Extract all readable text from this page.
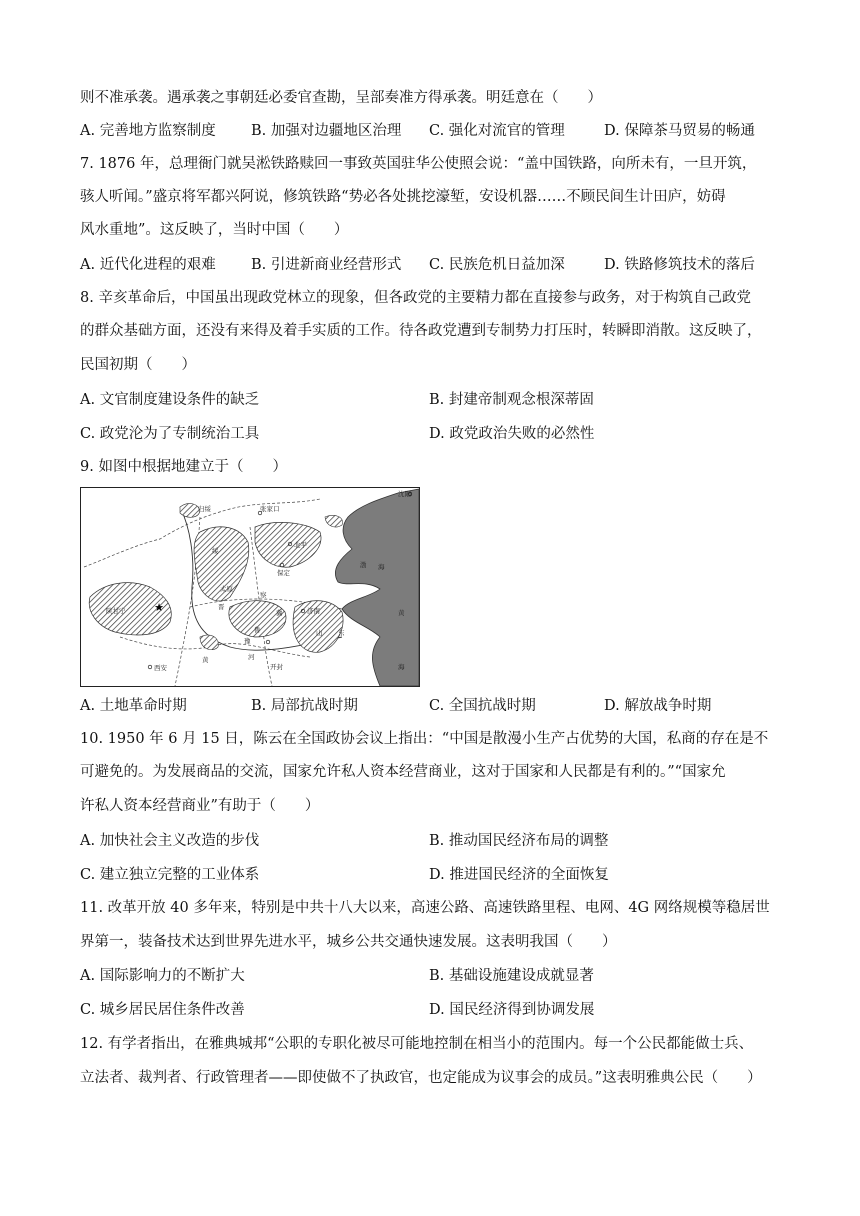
则不准承袭。遇承袭之事朝廷必委官查勘，呈部奏准方得承袭。明廷意在（　　）
A. 完善地方监察制度 B. 加强对边疆地区治理 C. 强化对流官的管理	D. 保障茶马贸易的畅通
7. 1876 年，总理衙门就吴淞铁路赎回一事致英国驻华公使照会说：“盖中国铁路，向所未有，一旦开筑，
骇人听闻。”盛京将军都兴阿说，修筑铁路“势必各处挑挖濠堑，安设机器……不顾民间生计田庐，妨碍
风水重地”。这反映了，当时中国（　　）
A. 近代化进程的艰难 B. 引进新商业经营形式 C. 民族危机日益加深	D. 铁路修筑技术的落后
8. 辛亥革命后，中国虽出现政党林立的现象，但各政党的主要精力都在直接参与政务，对于构筑自己政党
的群众基础方面，还没有来得及着手实质的工作。待各政党遭到专制势力打压时，转瞬即消散。这反映了，
民国初期（　　）
A. 文官制度建设条件的缺乏	B. 封建帝制观念根深蒂固
C. 政党沦为了专制统治工具	D. 政党政治失败的必然性
9. 如图中根据地建立于（　　）
★
沈阳
归绥	张家口
北平
渤 海
保定
太原
陕甘宁	济南
山 东
黄
海
河
黄
开封
西安
晋
冀
鲁
豫
察
绥
A. 土地革命时期	B. 局部抗战时期	C. 全国抗战时期	D. 解放战争时期
10. 1950 年 6 月 15 日，陈云在全国政协会议上指出：“中国是散漫小生产占优势的大国，私商的存在是不
可避免的。为发展商品的交流，国家允许私人资本经营商业，这对于国家和人民都是有利的。”“国家允
许私人资本经营商业”有助于（　　）
A. 加快社会主义改造的步伐	B. 推动国民经济布局的调整
C. 建立独立完整的工业体系	D. 推进国民经济的全面恢复
11. 改革开放 40 多年来，特别是中共十八大以来，高速公路、高速铁路里程、电网、4G 网络规模等稳居世
界第一，装备技术达到世界先进水平，城乡公共交通快速发展。这表明我国（　　）
A. 国际影响力的不断扩大	B. 基础设施建设成就显著
C. 城乡居民居住条件改善	D. 国民经济得到协调发展
12. 有学者指出，在雅典城邦“公职的专职化被尽可能地控制在相当小的范围内。每一个公民都能做士兵、
立法者、裁判者、行政管理者——即使做不了执政官，也定能成为议事会的成员。”这表明雅典公民（　　）
